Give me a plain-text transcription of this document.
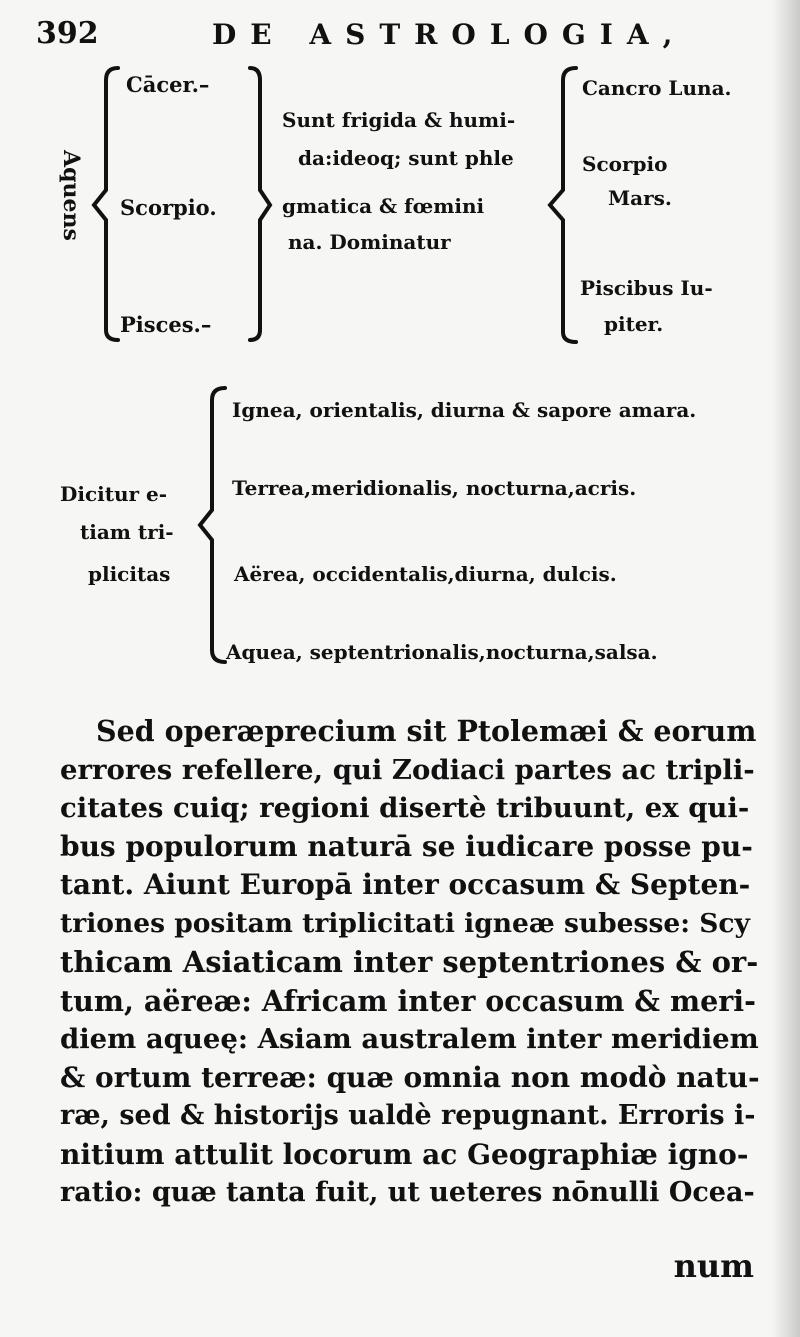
392	DE ASTROLOGIA,
Aquens
Cācer.–
Scorpio.
Pisces.–
Sunt frigida & humi-
da:ideoq; sunt phle
gmatica & fœmini
na. Dominatur
Cancro Luna.
Scorpio
Mars.
Piscibus Iu-
piter.
Dicitur e-
tiam tri-
plicitas
Ignea, orientalis, diurna & sapore amara.
Terrea,meridionalis, nocturna,acris.
Aërea, occidentalis,diurna, dulcis.
Aquea, septentrionalis,nocturna,salsa.
Sed operæprecium sit Ptolemæi & eorum
errores refellere, qui Zodiaci partes ac tripli-
citates cuiq; regioni disertè tribuunt, ex qui-
bus populorum naturā se iudicare posse pu-
tant. Aiunt Europā inter occasum & Septen-
triones positam triplicitati igneæ subesse: Scy
thicam Asiaticam inter septentriones & or-
tum, aëreæ: Africam inter occasum & meri-
diem aqueę: Asiam australem inter meridiem
& ortum terreæ: quæ omnia non modò natu-
ræ, sed & historijs ualdè repugnant. Erroris i-
nitium attulit locorum ac Geographiæ igno-
ratio: quæ tanta fuit, ut ueteres nōnulli Ocea-
num
